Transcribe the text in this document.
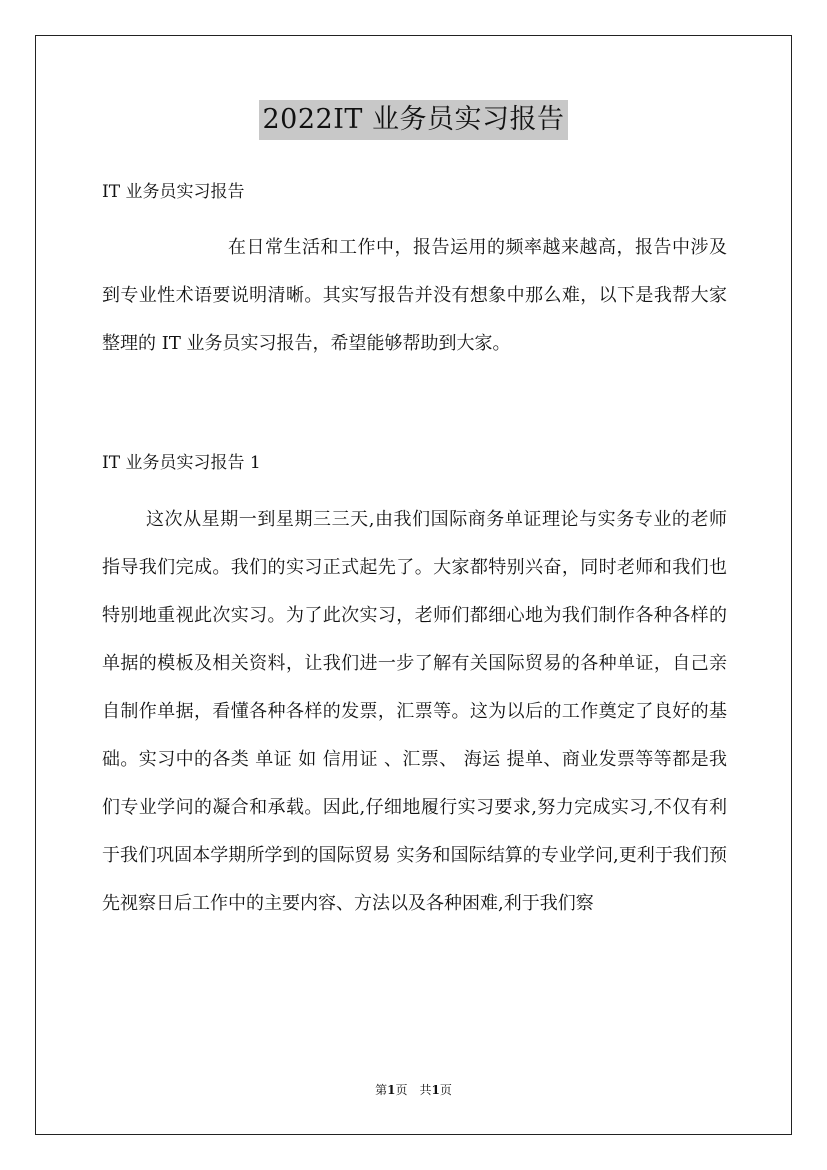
2022IT 业务员实习报告
IT 业务员实习报告
在日常生活和工作中，报告运用的频率越来越高，报告中涉及到专业性术语要说明清晰。其实写报告并没有想象中那么难，以下是我帮大家整理的 IT 业务员实习报告，希望能够帮助到大家。
IT 业务员实习报告 1
这次从星期一到星期三三天,由我们国际商务单证理论与实务专业的老师指导我们完成。我们的实习正式起先了。大家都特别兴奋，同时老师和我们也特别地重视此次实习。为了此次实习，老师们都细心地为我们制作各种各样的单据的模板及相关资料，让我们进一步了解有关国际贸易的各种单证，自己亲自制作单据，看懂各种各样的发票，汇票等。这为以后的工作奠定了良好的基础。实习中的各类 单证 如 信用证 、汇票、 海运 提单、商业发票等等都是我们专业学问的凝合和承载。因此,仔细地履行实习要求,努力完成实习,不仅有利于我们巩固本学期所学到的国际贸易 实务和国际结算的专业学问,更利于我们预先视察日后工作中的主要内容、方法以及各种困难,利于我们察
第1页　共1页
